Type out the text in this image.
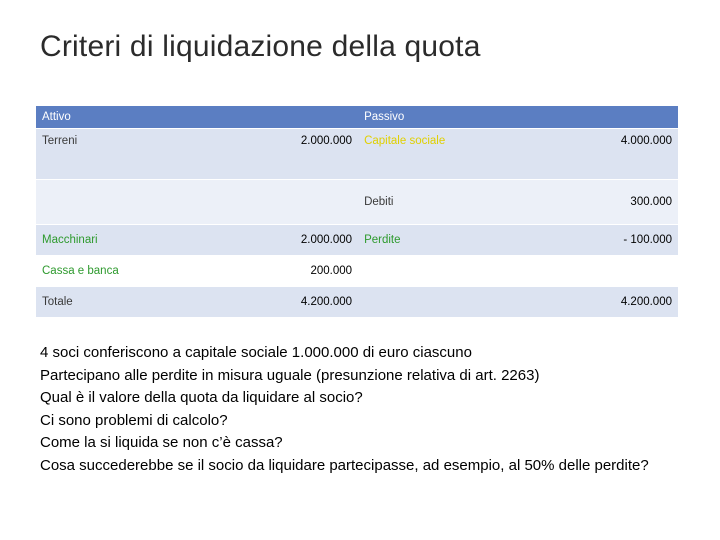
Criteri di liquidazione della quota
Attivo		Passivo	
Terreni	2.000.000	Capitale sociale	4.000.000
		Debiti	300.000
Macchinari	2.000.000	Perdite	- 100.000
Cassa e banca	200.000		
Totale	4.200.000		4.200.000
4 soci conferiscono a capitale sociale 1.000.000 di euro ciascuno
Partecipano alle perdite in misura uguale (presunzione relativa di art. 2263)
Qual è il valore della quota da liquidare al socio?
Ci sono problemi di calcolo?
Come la si liquida se non c’è cassa?
Cosa succederebbe se il socio da liquidare partecipasse, ad esempio, al 50% delle perdite?
